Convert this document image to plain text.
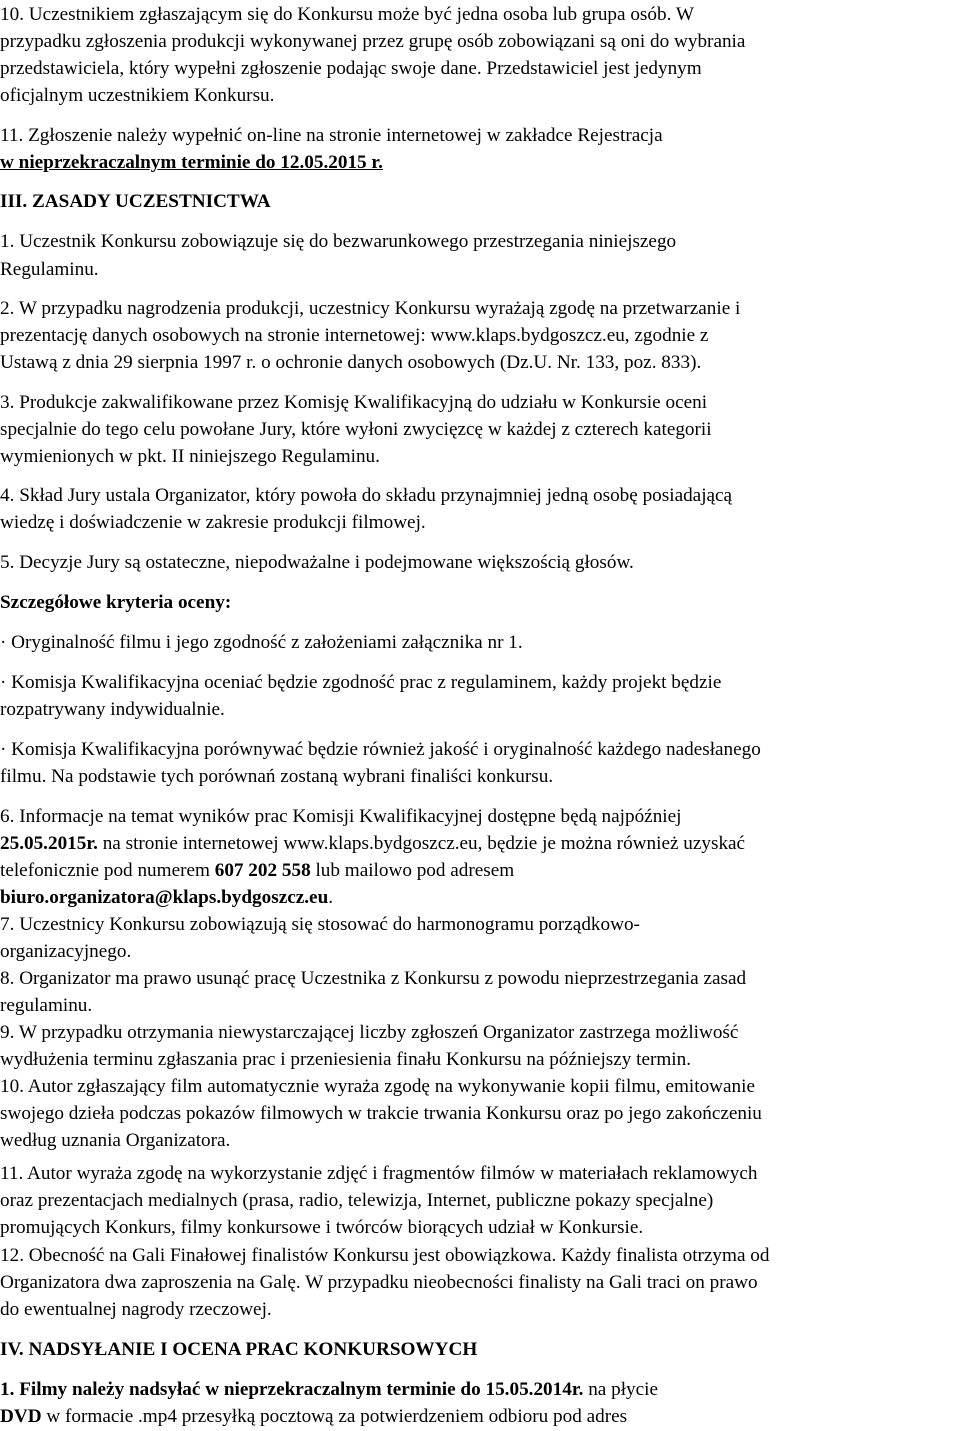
10. Uczestnikiem zgłaszającym się do Konkursu może być jedna osoba lub grupa osób. W
przypadku zgłoszenia produkcji wykonywanej przez grupę osób zobowiązani są oni do wybrania
przedstawiciela, który wypełni zgłoszenie podając swoje dane. Przedstawiciel jest jedynym
oficjalnym uczestnikiem Konkursu.
11. Zgłoszenie należy wypełnić on-line na stronie internetowej w zakładce Rejestracja
w nieprzekraczalnym terminie do 12.05.2015 r.
III. ZASADY UCZESTNICTWA
1. Uczestnik Konkursu zobowiązuje się do bezwarunkowego przestrzegania niniejszego
Regulaminu.
2. W przypadku nagrodzenia produkcji, uczestnicy Konkursu wyrażają zgodę na przetwarzanie i
prezentację danych osobowych na stronie internetowej: www.klaps.bydgoszcz.eu, zgodnie z
Ustawą z dnia 29 sierpnia 1997 r. o ochronie danych osobowych (Dz.U. Nr. 133, poz. 833).
3. Produkcje zakwalifikowane przez Komisję Kwalifikacyjną do udziału w Konkursie oceni
specjalnie do tego celu powołane Jury, które wyłoni zwycięzcę w każdej z czterech kategorii
wymienionych w pkt. II niniejszego Regulaminu.
4. Skład Jury ustala Organizator, który powoła do składu przynajmniej jedną osobę posiadającą
wiedzę i doświadczenie w zakresie produkcji filmowej.
5. Decyzje Jury są ostateczne, niepodważalne i podejmowane większością głosów.
Szczegółowe kryteria oceny:
· Oryginalność filmu i jego zgodność z założeniami załącznika nr 1.
· Komisja Kwalifikacyjna oceniać będzie zgodność prac z regulaminem, każdy projekt będzie
rozpatrywany indywidualnie.
· Komisja Kwalifikacyjna porównywać będzie również jakość i oryginalność każdego nadesłanego
filmu. Na podstawie tych porównań zostaną wybrani finaliści konkursu.
6. Informacje na temat wyników prac Komisji Kwalifikacyjnej dostępne będą najpóźniej
25.05.2015r. na stronie internetowej www.klaps.bydgoszcz.eu, będzie je można również uzyskać
telefonicznie pod numerem 607 202 558 lub mailowo pod adresem
biuro.organizatora@klaps.bydgoszcz.eu.
7. Uczestnicy Konkursu zobowiązują się stosować do harmonogramu porządkowo-
organizacyjnego.
8. Organizator ma prawo usunąć pracę Uczestnika z Konkursu z powodu nieprzestrzegania zasad
regulaminu.
9. W przypadku otrzymania niewystarczającej liczby zgłoszeń Organizator zastrzega możliwość
wydłużenia terminu zgłaszania prac i przeniesienia finału Konkursu na późniejszy termin.
10. Autor zgłaszający film automatycznie wyraża zgodę na wykonywanie kopii filmu, emitowanie
swojego dzieła podczas pokazów filmowych w trakcie trwania Konkursu oraz po jego zakończeniu
według uznania Organizatora.
11. Autor wyraża zgodę na wykorzystanie zdjęć i fragmentów filmów w materiałach reklamowych
oraz prezentacjach medialnych (prasa, radio, telewizja, Internet, publiczne pokazy specjalne)
promujących Konkurs, filmy konkursowe i twórców biorących udział w Konkursie.
12. Obecność na Gali Finałowej finalistów Konkursu jest obowiązkowa. Każdy finalista otrzyma od
Organizatora dwa zaproszenia na Galę. W przypadku nieobecności finalisty na Gali traci on prawo
do ewentualnej nagrody rzeczowej.
IV. NADSYŁANIE I OCENA PRAC KONKURSOWYCH
1. Filmy należy nadsyłać w nieprzekraczalnym terminie do 15.05.2014r. na płycie
DVD w formacie .mp4 przesyłką pocztową za potwierdzeniem odbioru pod adres
